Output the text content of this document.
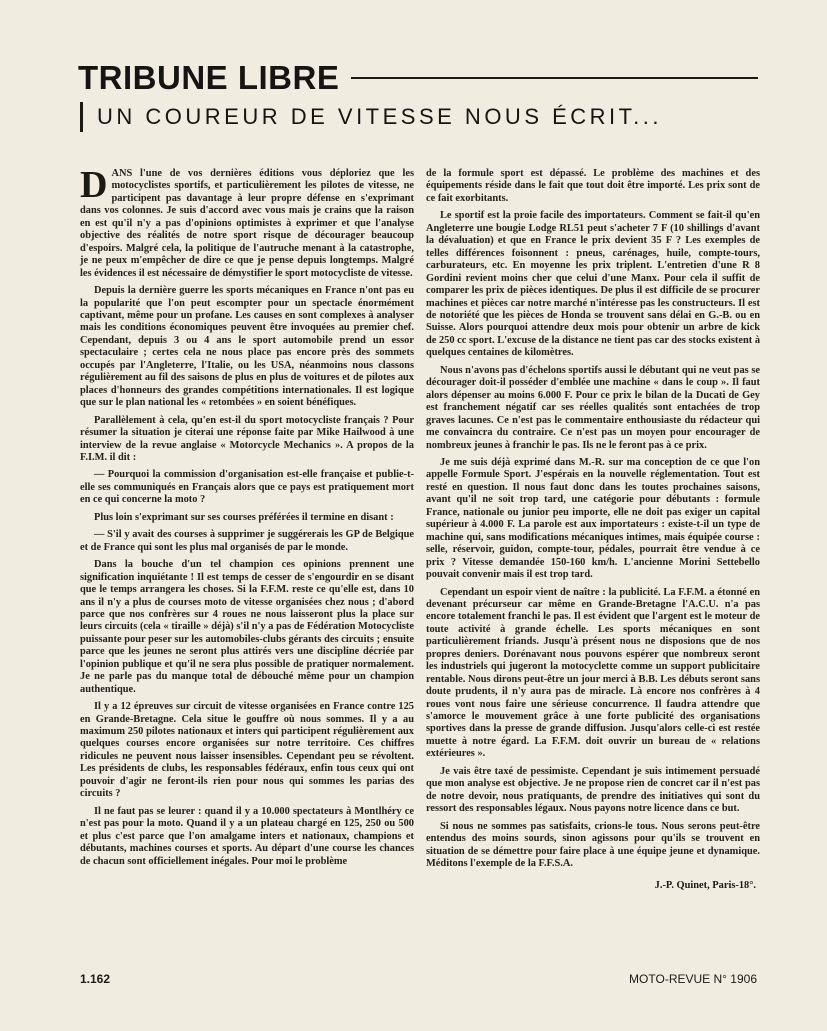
TRIBUNE LIBRE
UN COUREUR DE VITESSE NOUS ÉCRIT...

DANS l'une de vos dernières éditions vous déploriez que les motocyclistes sportifs, et particulièrement les pilotes de vitesse, ne participent pas davantage à leur propre défense en s'exprimant dans vos colonnes. Je suis d'accord avec vous mais je crains que la raison en est qu'il n'y a pas d'opinions optimistes à exprimer et que l'analyse objective des réalités de notre sport risque de décourager beaucoup d'espoirs. Malgré cela, la politique de l'autruche menant à la catastrophe, je ne peux m'empêcher de dire ce que je pense depuis longtemps. Malgré les évidences il est nécessaire de démystifier le sport motocycliste de vitesse.

Depuis la dernière guerre les sports mécaniques en France n'ont pas eu la popularité que l'on peut escompter pour un spectacle énormément captivant, même pour un profane. Les causes en sont complexes à analyser mais les conditions économiques peuvent être invoquées au premier chef. Cependant, depuis 3 ou 4 ans le sport automobile prend un essor spectaculaire ; certes cela ne nous place pas encore près des sommets occupés par l'Angleterre, l'Italie, ou les USA, néanmoins nous classons régulièrement au fil des saisons de plus en plus de voitures et de pilotes aux places d'honneurs des grandes compétitions internationales. Il est logique que sur le plan national les « retombées » en soient bénéfiques.

Parallèlement à cela, qu'en est-il du sport motocycliste français ? Pour résumer la situation je citerai une réponse faite par Mike Hailwood à une interview de la revue anglaise « Motorcycle Mechanics ». A propos de la F.I.M. il dit :

— Pourquoi la commission d'organisation est-elle française et publie-t-elle ses communiqués en Français alors que ce pays est pratiquement mort en ce qui concerne la moto ?

Plus loin s'exprimant sur ses courses préférées il termine en disant :

— S'il y avait des courses à supprimer je suggérerais les GP de Belgique et de France qui sont les plus mal organisés de par le monde.

Dans la bouche d'un tel champion ces opinions prennent une signification inquiétante ! Il est temps de cesser de s'engourdir en se disant que le temps arrangera les choses. Si la F.F.M. reste ce qu'elle est, dans 10 ans il n'y a plus de courses moto de vitesse organisées chez nous ; d'abord parce que nos confrères sur 4 roues ne nous laisseront plus la place sur leurs circuits (cela « tiraille » déjà) s'il n'y a pas de Fédération Motocycliste puissante pour peser sur les automobiles-clubs gérants des circuits ; ensuite parce que les jeunes ne seront plus attirés vers une discipline décriée par l'opinion publique et qu'il ne sera plus possible de pratiquer normalement. Je ne parle pas du manque total de débouché même pour un champion authentique.

Il y a 12 épreuves sur circuit de vitesse organisées en France contre 125 en Grande-Bretagne. Cela situe le gouffre où nous sommes. Il y a au maximum 250 pilotes nationaux et inters qui participent régulièrement aux quelques courses encore organisées sur notre territoire. Ces chiffres ridicules ne peuvent nous laisser insensibles. Cependant peu se révoltent. Les présidents de clubs, les responsables fédéraux, enfin tous ceux qui ont pouvoir d'agir ne feront-ils rien pour nous qui sommes les parias des circuits ?

Il ne faut pas se leurer : quand il y a 10.000 spectateurs à Montlhéry ce n'est pas pour la moto. Quand il y a un plateau chargé en 125, 250 ou 500 et plus c'est parce que l'on amalgame inters et nationaux, champions et débutants, machines courses et sports. Au départ d'une course les chances de chacun sont officiellement inégales. Pour moi le problème

de la formule sport est dépassé. Le problème des machines et des équipements réside dans le fait que tout doit être importé. Les prix sont de ce fait exorbitants.

Le sportif est la proie facile des importateurs. Comment se fait-il qu'en Angleterre une bougie Lodge RL51 peut s'acheter 7 F (10 shillings d'avant la dévaluation) et que en France le prix devient 35 F ? Les exemples de telles différences foisonnent : pneus, carénages, huile, compte-tours, carburateurs, etc. En moyenne les prix triplent. L'entretien d'une R 8 Gordini revient moins cher que celui d'une Manx. Pour cela il suffit de comparer les prix de pièces identiques. De plus il est difficile de se procurer machines et pièces car notre marché n'intéresse pas les constructeurs. Il est de notoriété que les pièces de Honda se trouvent sans délai en G.-B. ou en Suisse. Alors pourquoi attendre deux mois pour obtenir un arbre de kick de 250 cc sport. L'excuse de la distance ne tient pas car des stocks existent à quelques centaines de kilomètres.

Nous n'avons pas d'échelons sportifs aussi le débutant qui ne veut pas se décourager doit-il posséder d'emblée une machine « dans le coup ». Il faut alors dépenser au moins 6.000 F. Pour ce prix le bilan de la Ducati de Gey est franchement négatif car ses réelles qualités sont entachées de trop graves lacunes. Ce n'est pas le commentaire enthousiaste du rédacteur qui me convaincra du contraire. Ce n'est pas un moyen pour encourager de nombreux jeunes à franchir le pas. Ils ne le feront pas à ce prix.

Je me suis déjà exprimé dans M.-R. sur ma conception de ce que l'on appelle Formule Sport. J'espérais en la nouvelle réglementation. Tout est resté en question. Il nous faut donc dans les toutes prochaines saisons, avant qu'il ne soit trop tard, une catégorie pour débutants : formule France, nationale ou junior peu importe, elle ne doit pas exiger un capital supérieur à 4.000 F. La parole est aux importateurs : existe-t-il un type de machine qui, sans modifications mécaniques intimes, mais équipée course : selle, réservoir, guidon, compte-tour, pédales, pourrait être vendue à ce prix ? Vitesse demandée 150-160 km/h. L'ancienne Morini Settebello pouvait convenir mais il est trop tard.

Cependant un espoir vient de naître : la publicité. La F.F.M. a étonné en devenant précurseur car même en Grande-Bretagne l'A.C.U. n'a pas encore totalement franchi le pas. Il est évident que l'argent est le moteur de toute activité à grande échelle. Les sports mécaniques en sont particulièrement friands. Jusqu'à présent nous ne disposions que de nos propres deniers. Dorénavant nous pouvons espérer que nombreux seront les industriels qui jugeront la motocyclette comme un support publicitaire rentable. Nous dirons peut-être un jour merci à B.B. Les débuts seront sans doute prudents, il n'y aura pas de miracle. Là encore nos confrères à 4 roues vont nous faire une sérieuse concurrence. Il faudra attendre que s'amorce le mouvement grâce à une forte publicité des organisations sportives dans la presse de grande diffusion. Jusqu'alors celle-ci est restée muette à notre égard. La F.F.M. doit ouvrir un bureau de « relations extérieures ».

Je vais être taxé de pessimiste. Cependant je suis intimement persuadé que mon analyse est objective. Je ne propose rien de concret car il n'est pas de notre devoir, nous pratiquants, de prendre des initiatives qui sont du ressort des responsables légaux. Nous payons notre licence dans ce but.

Si nous ne sommes pas satisfaits, crions-le tous. Nous serons peut-être entendus des moins sourds, sinon agissons pour qu'ils se trouvent en situation de se démettre pour faire place à une équipe jeune et dynamique. Méditons l'exemple de la F.F.S.A.

J.-P. Quinet, Paris-18°.
1.162	MOTO-REVUE N° 1906
